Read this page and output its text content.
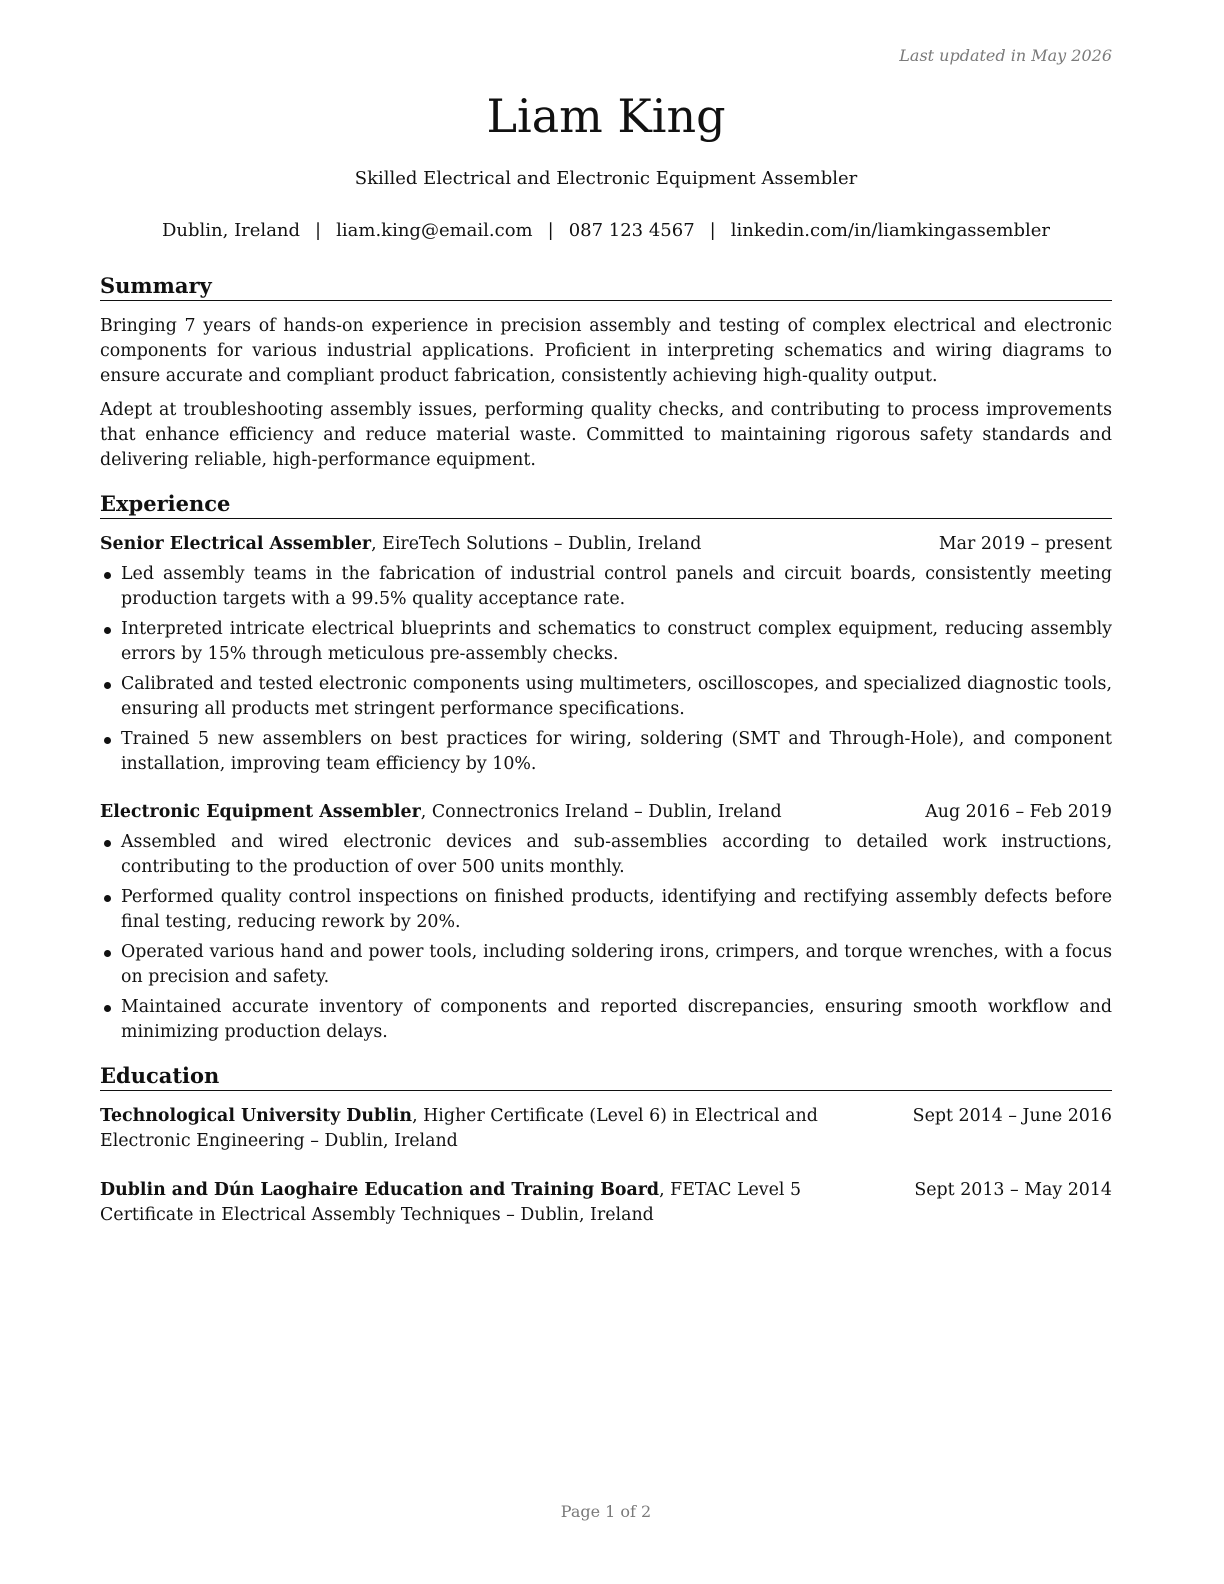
Last updated in May 2026
Liam King
Skilled Electrical and Electronic Equipment Assembler
Dublin, Ireland | liam.king@email.com | 087 123 4567 | linkedin.com/in/liamkingassembler
Summary
Bringing 7 years of hands-on experience in precision assembly and testing of complex electrical and electronic components for various industrial applications. Proficient in interpreting schematics and wiring diagrams to ensure accurate and compliant product fabrication, consistently achieving high-quality output.
Adept at troubleshooting assembly issues, performing quality checks, and contributing to process improvements that enhance efficiency and reduce material waste. Committed to maintaining rigorous safety standards and delivering reliable, high-performance equipment.
Experience
Senior Electrical Assembler, EireTech Solutions – Dublin, Ireland	Mar 2019 – present
Led assembly teams in the fabrication of industrial control panels and circuit boards, consistently meeting production targets with a 99.5% quality acceptance rate.
Interpreted intricate electrical blueprints and schematics to construct complex equipment, reducing assembly errors by 15% through meticulous pre-assembly checks.
Calibrated and tested electronic components using multimeters, oscilloscopes, and specialized diagnostic tools, ensuring all products met stringent performance specifications.
Trained 5 new assemblers on best practices for wiring, soldering (SMT and Through-Hole), and component installation, improving team efficiency by 10%.
Electronic Equipment Assembler, Connectronics Ireland – Dublin, Ireland	Aug 2016 – Feb 2019
Assembled and wired electronic devices and sub-assemblies according to detailed work instructions, contributing to the production of over 500 units monthly.
Performed quality control inspections on finished products, identifying and rectifying assembly defects before final testing, reducing rework by 20%.
Operated various hand and power tools, including soldering irons, crimpers, and torque wrenches, with a focus on precision and safety.
Maintained accurate inventory of components and reported discrepancies, ensuring smooth workflow and minimizing production delays.
Education
Technological University Dublin, Higher Certificate (Level 6) in Electrical and Electronic Engineering – Dublin, Ireland
Sept 2014 – June 2016
Dublin and Dún Laoghaire Education and Training Board, FETAC Level 5 Certificate in Electrical Assembly Techniques – Dublin, Ireland
Sept 2013 – May 2014
Page 1 of 2
